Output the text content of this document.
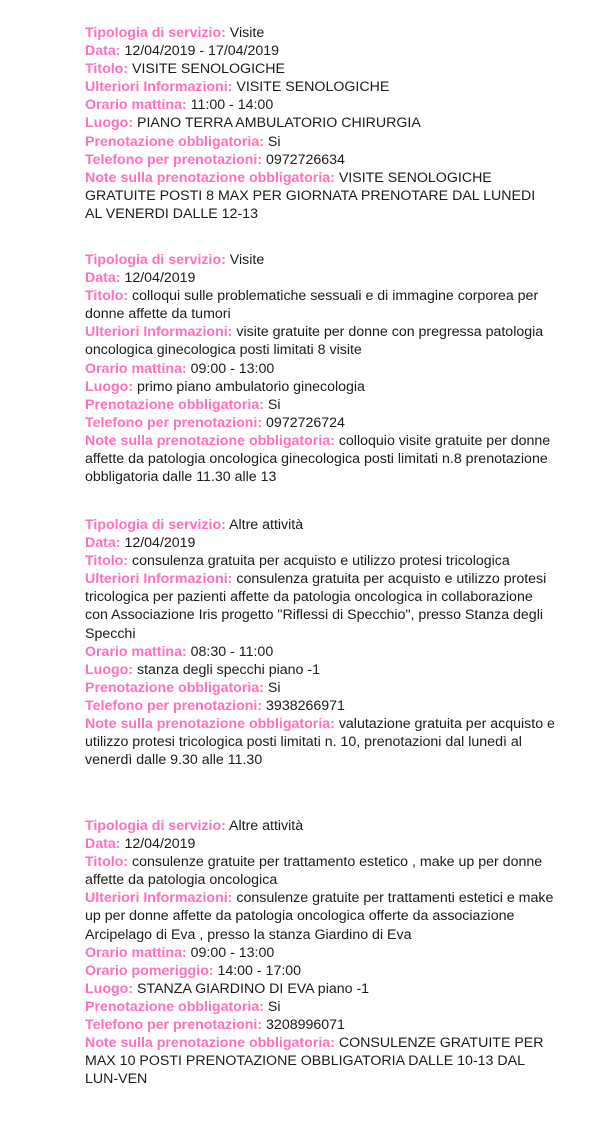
Tipologia di servizio: Visite
Data: 12/04/2019 - 17/04/2019
Titolo: VISITE SENOLOGICHE
Ulteriori Informazioni: VISITE SENOLOGICHE
Orario mattina: 11:00 - 14:00
Luogo: PIANO TERRA AMBULATORIO CHIRURGIA
Prenotazione obbligatoria: Si
Telefono per prenotazioni: 0972726634
Note sulla prenotazione obbligatoria: VISITE SENOLOGICHE GRATUITE POSTI 8 MAX PER GIORNATA PRENOTARE DAL LUNEDI AL VENERDI DALLE 12-13
Tipologia di servizio: Visite
Data: 12/04/2019
Titolo: colloqui sulle problematiche sessuali e di immagine corporea per donne affette da tumori
Ulteriori Informazioni: visite gratuite per donne con pregressa patologia oncologica ginecologica posti limitati 8 visite
Orario mattina: 09:00 - 13:00
Luogo: primo piano ambulatorio ginecologia
Prenotazione obbligatoria: Si
Telefono per prenotazioni: 0972726724
Note sulla prenotazione obbligatoria: colloquio visite gratuite per donne affette da patologia oncologica ginecologica posti limitati n.8 prenotazione obbligatoria dalle 11.30 alle 13
Tipologia di servizio: Altre attività
Data: 12/04/2019
Titolo: consulenza gratuita per acquisto e utilizzo protesi tricologica
Ulteriori Informazioni: consulenza gratuita per acquisto e utilizzo protesi tricologica per pazienti affette da patologia oncologica in collaborazione con Associazione Iris progetto "Riflessi di Specchio", presso Stanza degli Specchi
Orario mattina: 08:30 - 11:00
Luogo: stanza degli specchi piano -1
Prenotazione obbligatoria: Si
Telefono per prenotazioni: 3938266971
Note sulla prenotazione obbligatoria: valutazione gratuita per acquisto e utilizzo protesi tricologica posti limitati n. 10, prenotazioni dal lunedì al venerdì dalle 9.30 alle 11.30
Tipologia di servizio: Altre attività
Data: 12/04/2019
Titolo: consulenze gratuite per trattamento estetico , make up per donne affette da patologia oncologica
Ulteriori Informazioni: consulenze gratuite per trattamenti estetici e make up per donne affette da patologia oncologica offerte da associazione Arcipelago di Eva , presso la stanza Giardino di Eva
Orario mattina: 09:00 - 13:00
Orario pomeriggio: 14:00 - 17:00
Luogo: STANZA GIARDINO DI EVA piano -1
Prenotazione obbligatoria: Si
Telefono per prenotazioni: 3208996071
Note sulla prenotazione obbligatoria: CONSULENZE GRATUITE PER MAX 10 POSTI PRENOTAZIONE OBBLIGATORIA DALLE 10-13 DAL LUN-VEN
